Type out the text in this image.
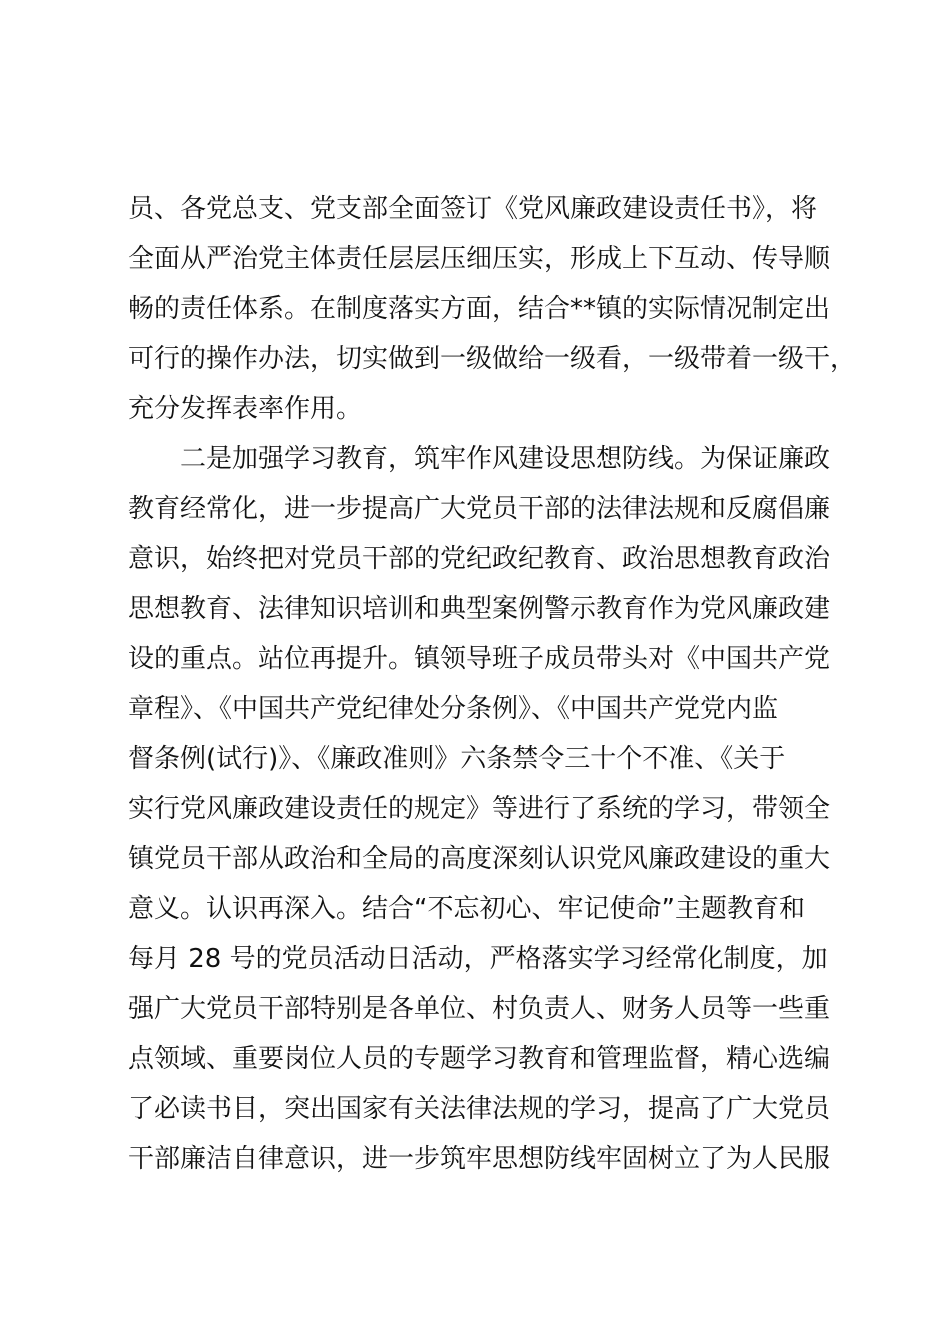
员、各党总支、党支部全面签订《党风廉政建设责任书》，将
全面从严治党主体责任层层压细压实，形成上下互动、传导顺
畅的责任体系。在制度落实方面，结合**镇的实际情况制定出
可行的操作办法，切实做到一级做给一级看，一级带着一级干，
充分发挥表率作用。
二是加强学习教育，筑牢作风建设思想防线。为保证廉政
教育经常化，进一步提高广大党员干部的法律法规和反腐倡廉
意识，始终把对党员干部的党纪政纪教育、政治思想教育政治
思想教育、法律知识培训和典型案例警示教育作为党风廉政建
设的重点。站位再提升。镇领导班子成员带头对《中国共产党
章程》、《中国共产党纪律处分条例》、《中国共产党党内监
督条例(试行)》、《廉政准则》六条禁令三十个不准、《关于
实行党风廉政建设责任的规定》等进行了系统的学习，带领全
镇党员干部从政治和全局的高度深刻认识党风廉政建设的重大
意义。认识再深入。结合“不忘初心、牢记使命”主题教育和
每月 28 号的党员活动日活动，严格落实学习经常化制度，加
强广大党员干部特别是各单位、村负责人、财务人员等一些重
点领域、重要岗位人员的专题学习教育和管理监督，精心选编
了必读书目，突出国家有关法律法规的学习，提高了广大党员
干部廉洁自律意识，进一步筑牢思想防线牢固树立了为人民服
